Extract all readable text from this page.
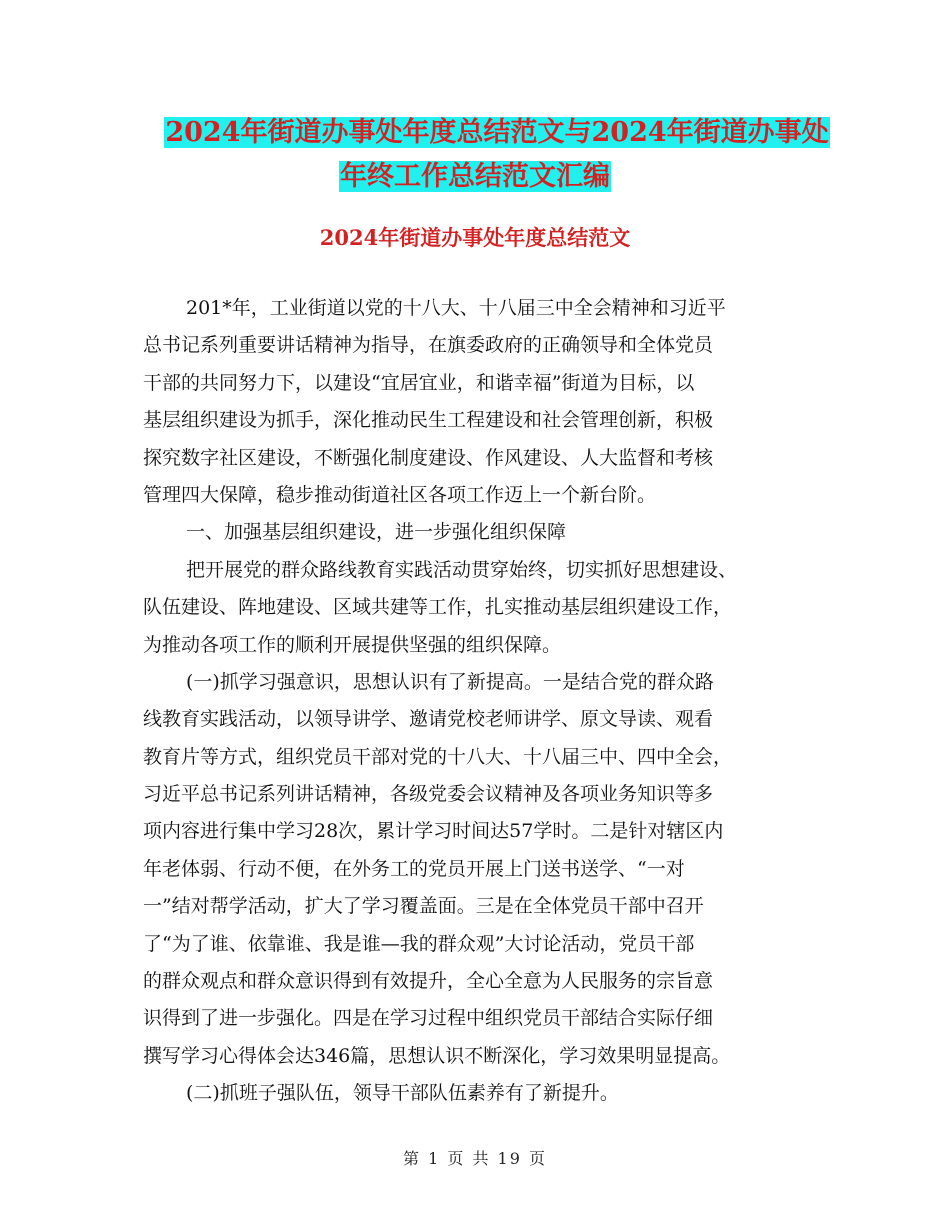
2024年街道办事处年度总结范文与2024年街道办事处
年终工作总结范文汇编
2024年街道办事处年度总结范文
201*年，工业街道以党的十八大、十八届三中全会精神和习近平
总书记系列重要讲话精神为指导，在旗委政府的正确领导和全体党员
干部的共同努力下，以建设“宜居宜业，和谐幸福”街道为目标，以
基层组织建设为抓手，深化推动民生工程建设和社会管理创新，积极
探究数字社区建设，不断强化制度建设、作风建设、人大监督和考核
管理四大保障，稳步推动街道社区各项工作迈上一个新台阶。
一、加强基层组织建设，进一步强化组织保障
把开展党的群众路线教育实践活动贯穿始终，切实抓好思想建设、
队伍建设、阵地建设、区域共建等工作，扎实推动基层组织建设工作，
为推动各项工作的顺利开展提供坚强的组织保障。
(一)抓学习强意识，思想认识有了新提高。一是结合党的群众路
线教育实践活动，以领导讲学、邀请党校老师讲学、原文导读、观看
教育片等方式，组织党员干部对党的十八大、十八届三中、四中全会，
习近平总书记系列讲话精神，各级党委会议精神及各项业务知识等多
项内容进行集中学习28次，累计学习时间达57学时。二是针对辖区内
年老体弱、行动不便，在外务工的党员开展上门送书送学、“一对
一”结对帮学活动，扩大了学习覆盖面。三是在全体党员干部中召开
了“为了谁、依靠谁、我是谁—我的群众观”大讨论活动，党员干部
的群众观点和群众意识得到有效提升，全心全意为人民服务的宗旨意
识得到了进一步强化。四是在学习过程中组织党员干部结合实际仔细
撰写学习心得体会达346篇，思想认识不断深化，学习效果明显提高。
(二)抓班子强队伍，领导干部队伍素养有了新提升。
第 1 页 共 19 页
